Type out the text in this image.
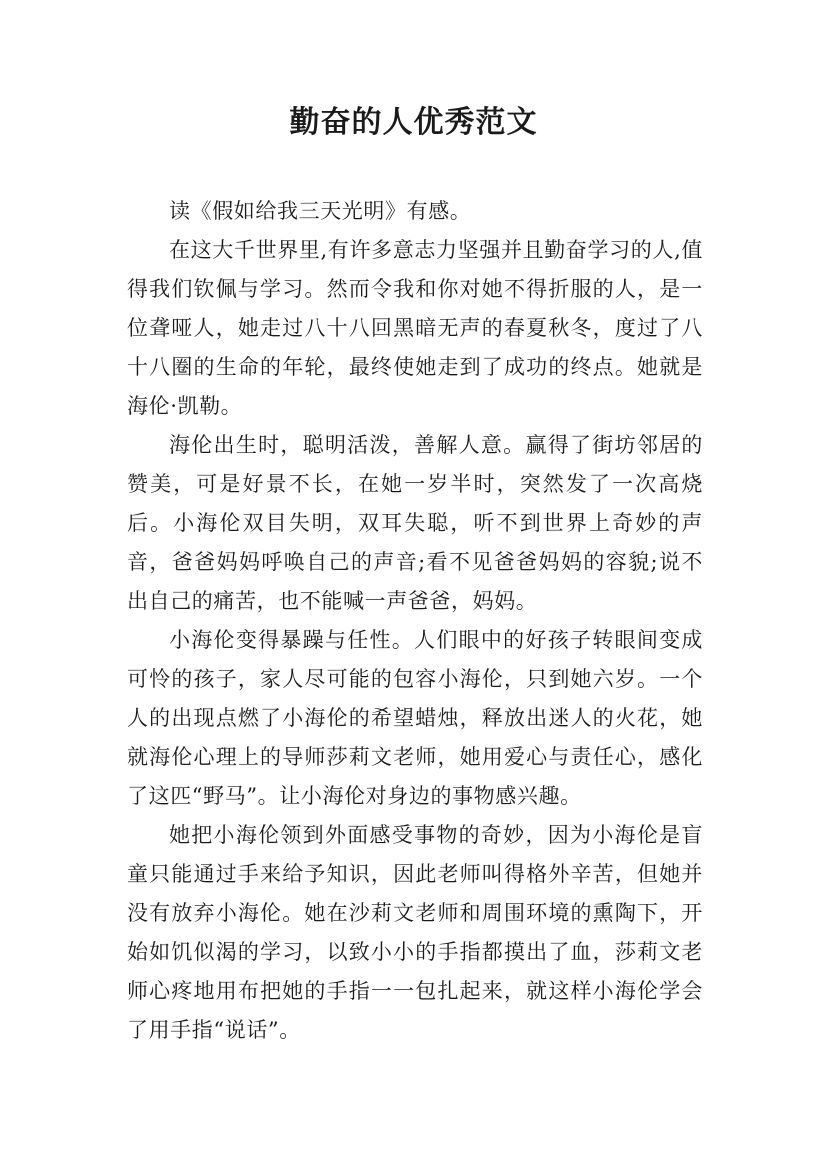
勤奋的人优秀范文

读《假如给我三天光明》有感。

在这大千世界里,有许多意志力坚强并且勤奋学习的人,值得我们钦佩与学习。然而令我和你对她不得折服的人，是一位聋哑人，她走过八十八回黑暗无声的春夏秋冬，度过了八十八圈的生命的年轮，最终使她走到了成功的终点。她就是海伦·凯勒。

海伦出生时，聪明活泼，善解人意。赢得了街坊邻居的赞美，可是好景不长，在她一岁半时，突然发了一次高烧后。小海伦双目失明，双耳失聪，听不到世界上奇妙的声音，爸爸妈妈呼唤自己的声音;看不见爸爸妈妈的容貌;说不出自己的痛苦，也不能喊一声爸爸，妈妈。

小海伦变得暴躁与任性。人们眼中的好孩子转眼间变成可怜的孩子，家人尽可能的包容小海伦，只到她六岁。一个人的出现点燃了小海伦的希望蜡烛，释放出迷人的火花，她就海伦心理上的导师莎莉文老师，她用爱心与责任心，感化了这匹“野马”。让小海伦对身边的事物感兴趣。

她把小海伦领到外面感受事物的奇妙，因为小海伦是盲童只能通过手来给予知识，因此老师叫得格外辛苦，但她并没有放弃小海伦。她在沙莉文老师和周围环境的熏陶下，开始如饥似渴的学习，以致小小的手指都摸出了血，莎莉文老师心疼地用布把她的手指一一包扎起来，就这样小海伦学会了用手指“说话”。
